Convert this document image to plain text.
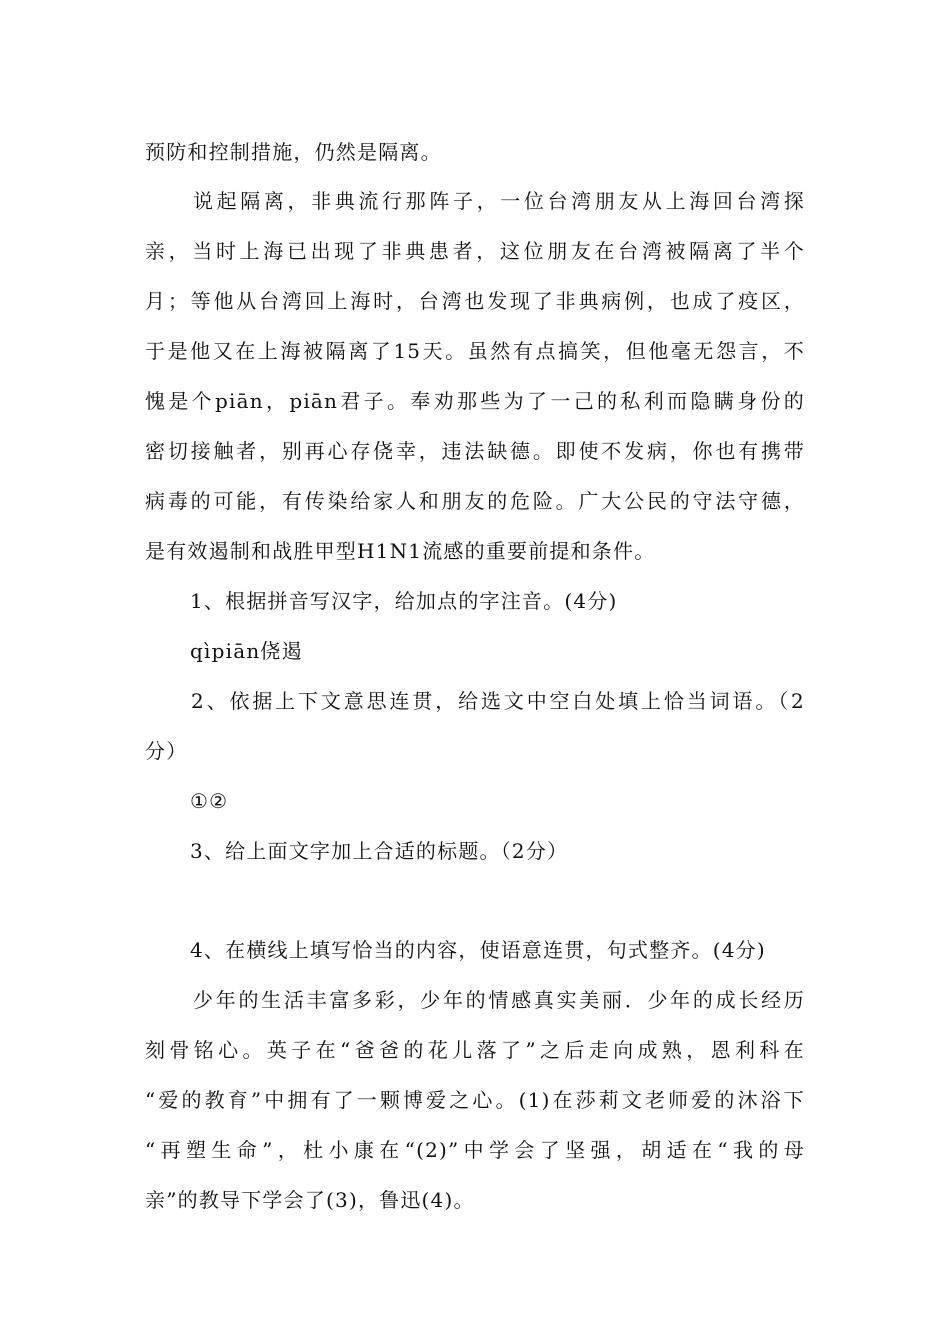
预防和控制措施，仍然是隔离。
说起隔离，非典流行那阵子，一位台湾朋友从上海回台湾探
亲，当时上海已出现了非典患者，这位朋友在台湾被隔离了半个
月；等他从台湾回上海时，台湾也发现了非典病例，也成了疫区，
于是他又在上海被隔离了15天。虽然有点搞笑，但他毫无怨言，不
愧是个piān，piān君子。奉劝那些为了一己的私利而隐瞒身份的
密切接触者，别再心存侥幸，违法缺德。即使不发病，你也有携带
病毒的可能，有传染给家人和朋友的危险。广大公民的守法守德，
是有效遏制和战胜甲型H1N1流感的重要前提和条件。
1、根据拼音写汉字，给加点的字注音。(4分)
qìpiān侥遏
2、依据上下文意思连贯，给选文中空白处填上恰当词语。（2
分）
①②
3、给上面文字加上合适的标题。（2分）
4、在横线上填写恰当的内容，使语意连贯，句式整齐。(4分)
少年的生活丰富多彩，少年的情感真实美丽．少年的成长经历
刻骨铭心。英子在“爸爸的花儿落了”之后走向成熟，恩利科在
“爱的教育”中拥有了一颗博爱之心。(1)在莎莉文老师爱的沐浴下
“再塑生命”，杜小康在“(2)”中学会了坚强，胡适在“我的母
亲”的教导下学会了(3)，鲁迅(4)。
